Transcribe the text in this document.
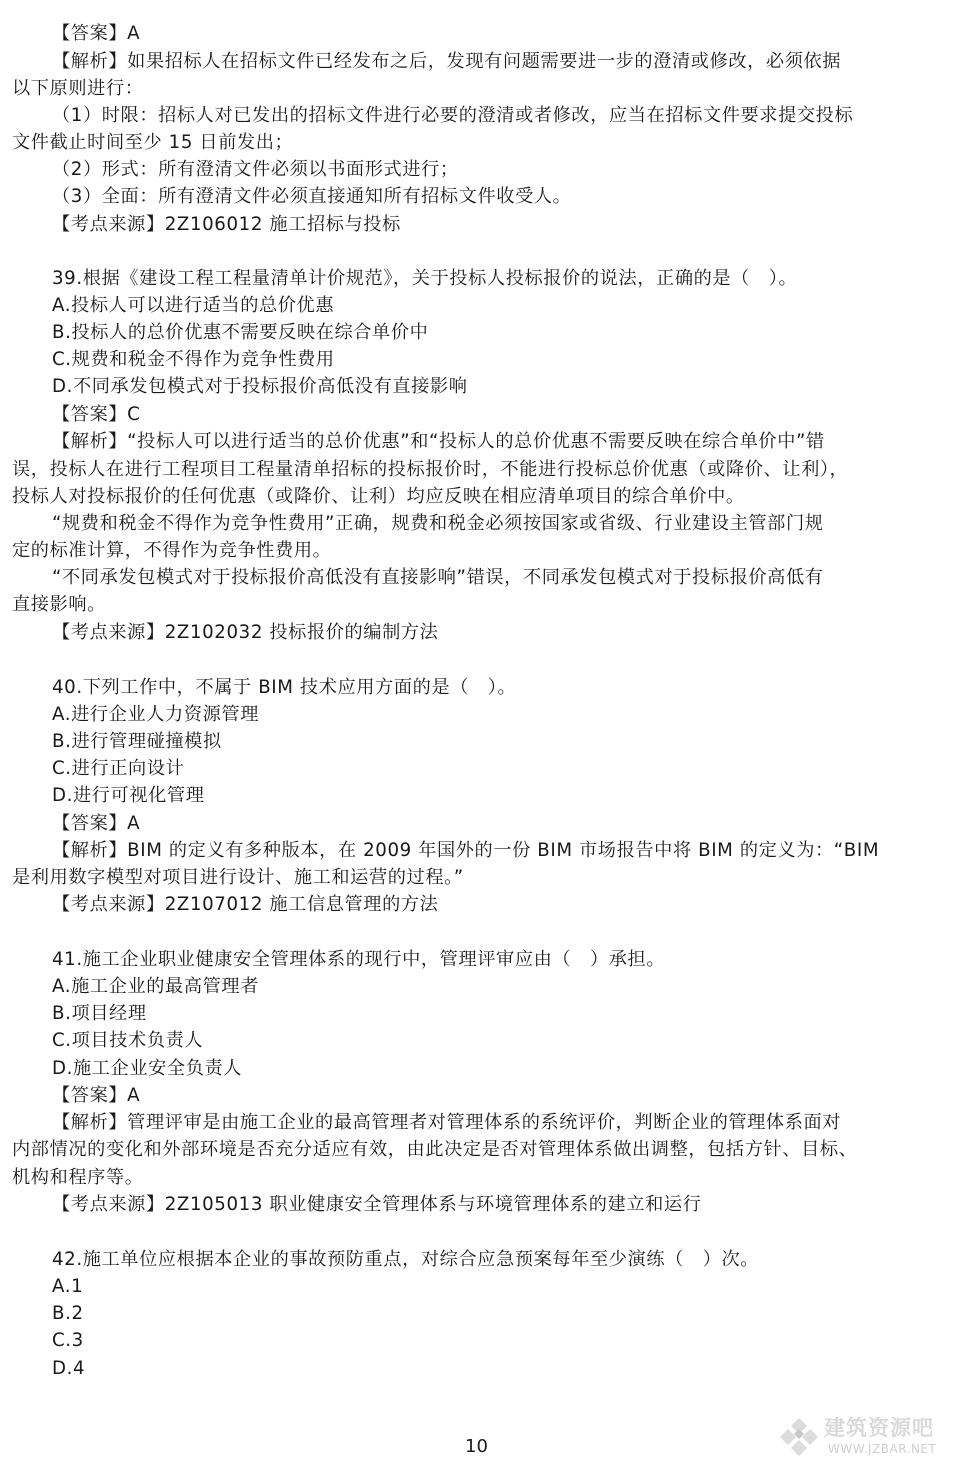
【答案】A
【解析】如果招标人在招标文件已经发布之后，发现有问题需要进一步的澄清或修改，必须依据
以下原则进行：
（1）时限：招标人对已发出的招标文件进行必要的澄清或者修改，应当在招标文件要求提交投标
文件截止时间至少 15 日前发出；
（2）形式：所有澄清文件必须以书面形式进行；
（3）全面：所有澄清文件必须直接通知所有招标文件收受人。
【考点来源】2Z106012 施工招标与投标
39.根据《建设工程工程量清单计价规范》，关于投标人投标报价的说法，正确的是（　）。
A.投标人可以进行适当的总价优惠
B.投标人的总价优惠不需要反映在综合单价中
C.规费和税金不得作为竞争性费用
D.不同承发包模式对于投标报价高低没有直接影响
【答案】C
【解析】“投标人可以进行适当的总价优惠”和“投标人的总价优惠不需要反映在综合单价中”错
误，投标人在进行工程项目工程量清单招标的投标报价时，不能进行投标总价优惠（或降价、让利），
投标人对投标报价的任何优惠（或降价、让利）均应反映在相应清单项目的综合单价中。
“规费和税金不得作为竞争性费用”正确，规费和税金必须按国家或省级、行业建设主管部门规
定的标准计算，不得作为竞争性费用。
“不同承发包模式对于投标报价高低没有直接影响”错误，不同承发包模式对于投标报价高低有
直接影响。
【考点来源】2Z102032 投标报价的编制方法
40.下列工作中，不属于 BIM 技术应用方面的是（　）。
A.进行企业人力资源管理
B.进行管理碰撞模拟
C.进行正向设计
D.进行可视化管理
【答案】A
【解析】BIM 的定义有多种版本，在 2009 年国外的一份 BIM 市场报告中将 BIM 的定义为：“BIM
是利用数字模型对项目进行设计、施工和运营的过程。”
【考点来源】2Z107012 施工信息管理的方法
41.施工企业职业健康安全管理体系的现行中，管理评审应由（　）承担。
A.施工企业的最高管理者
B.项目经理
C.项目技术负责人
D.施工企业安全负责人
【答案】A
【解析】管理评审是由施工企业的最高管理者对管理体系的系统评价，判断企业的管理体系面对
内部情况的变化和外部环境是否充分适应有效，由此决定是否对管理体系做出调整，包括方针、目标、
机构和程序等。
【考点来源】2Z105013 职业健康安全管理体系与环境管理体系的建立和运行
42.施工单位应根据本企业的事故预防重点，对综合应急预案每年至少演练（　）次。
A.1
B.2
C.3
D.4
10
建筑资源吧
WWW.JZBAR.NET
